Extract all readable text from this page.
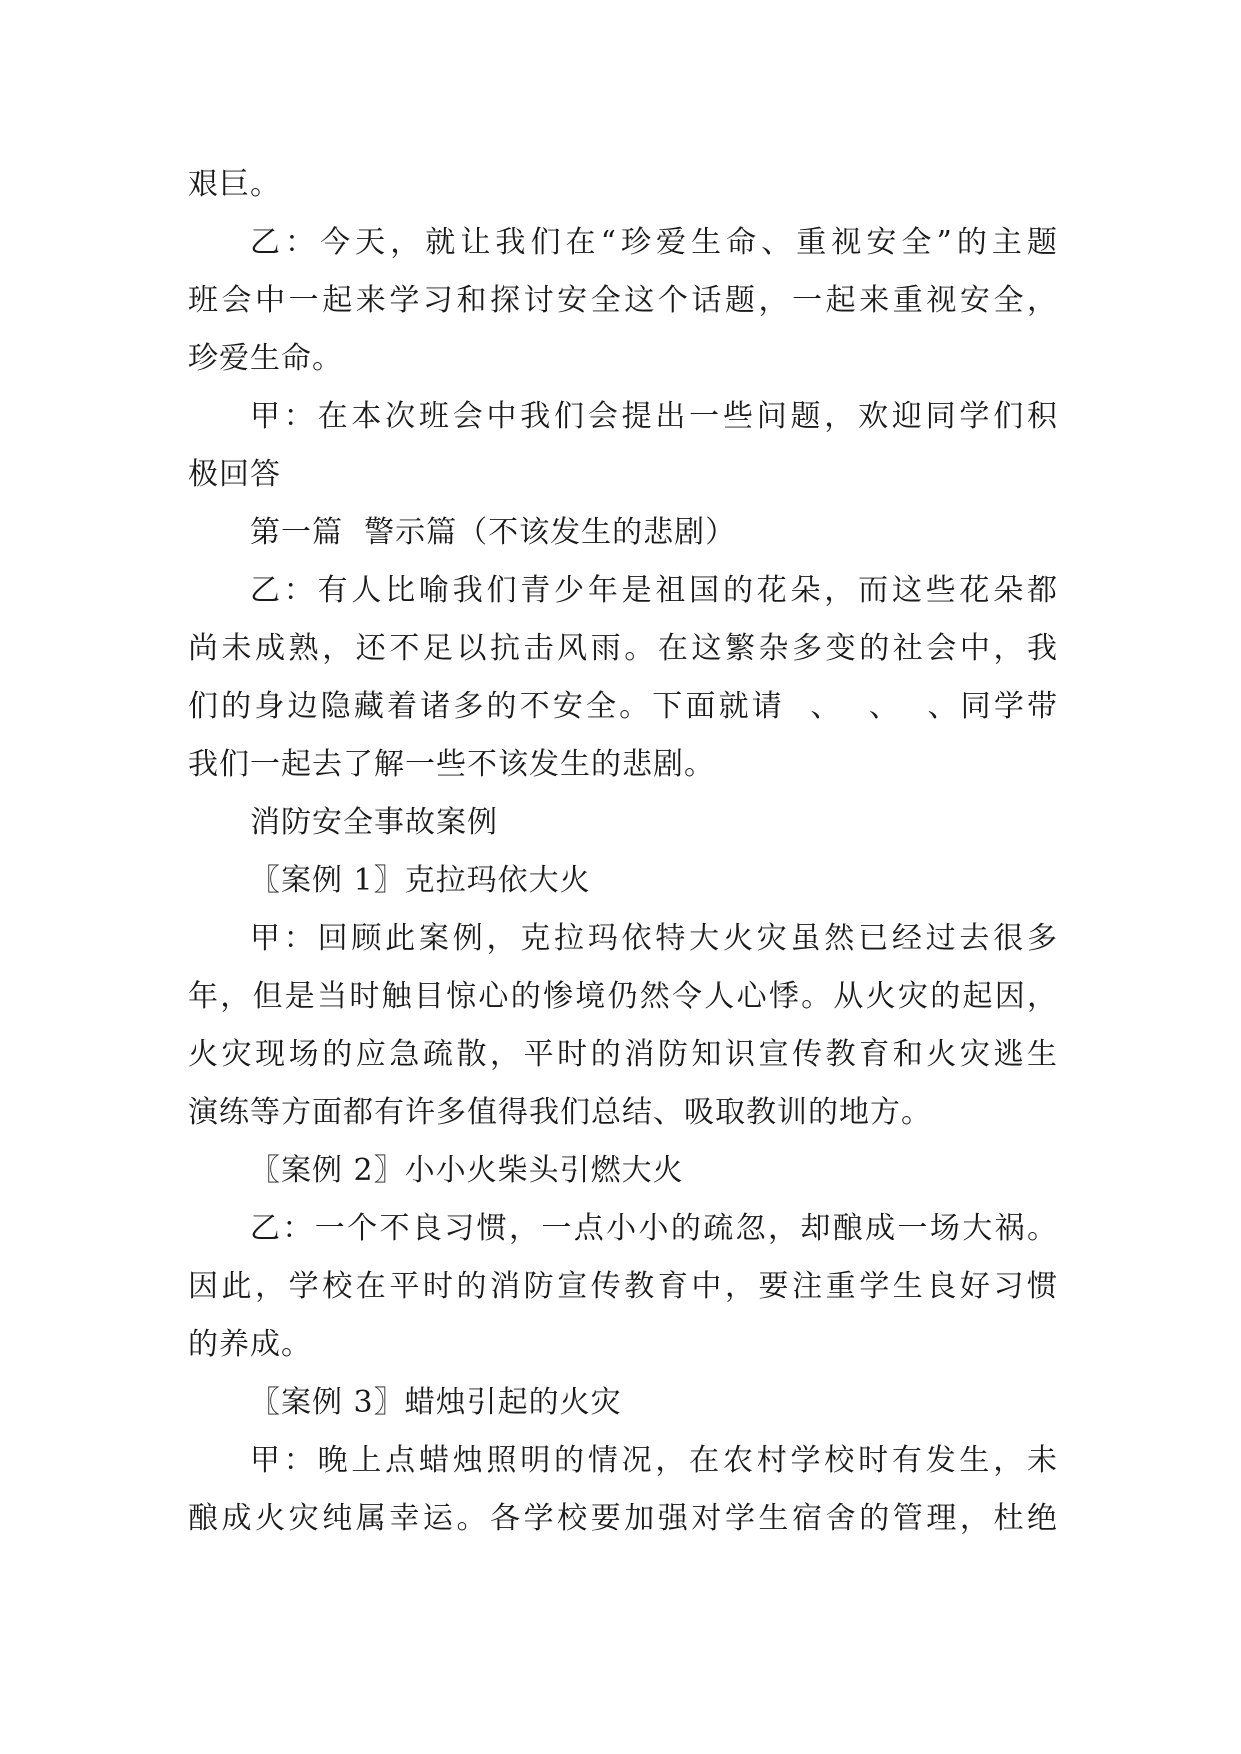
艰巨。
乙：今天，就让我们在“珍爱生命、重视安全”的主题
班会中一起来学习和探讨安全这个话题，一起来重视安全，
珍爱生命。
甲：在本次班会中我们会提出一些问题，欢迎同学们积
极回答
第一篇  警示篇（不该发生的悲剧）
乙：有人比喻我们青少年是祖国的花朵，而这些花朵都
尚未成熟，还不足以抗击风雨。在这繁杂多变的社会中，我
们的身边隐藏着诸多的不安全。下面就请  、  、  、同学带
我们一起去了解一些不该发生的悲剧。
消防安全事故案例
〖案例 1〗克拉玛依大火
甲：回顾此案例，克拉玛依特大火灾虽然已经过去很多
年，但是当时触目惊心的惨境仍然令人心悸。从火灾的起因，
火灾现场的应急疏散，平时的消防知识宣传教育和火灾逃生
演练等方面都有许多值得我们总结、吸取教训的地方。
〖案例 2〗小小火柴头引燃大火
乙：一个不良习惯，一点小小的疏忽，却酿成一场大祸。
因此，学校在平时的消防宣传教育中，要注重学生良好习惯
的养成。
〖案例 3〗蜡烛引起的火灾
甲：晚上点蜡烛照明的情况，在农村学校时有发生，未
酿成火灾纯属幸运。各学校要加强对学生宿舍的管理，杜绝
